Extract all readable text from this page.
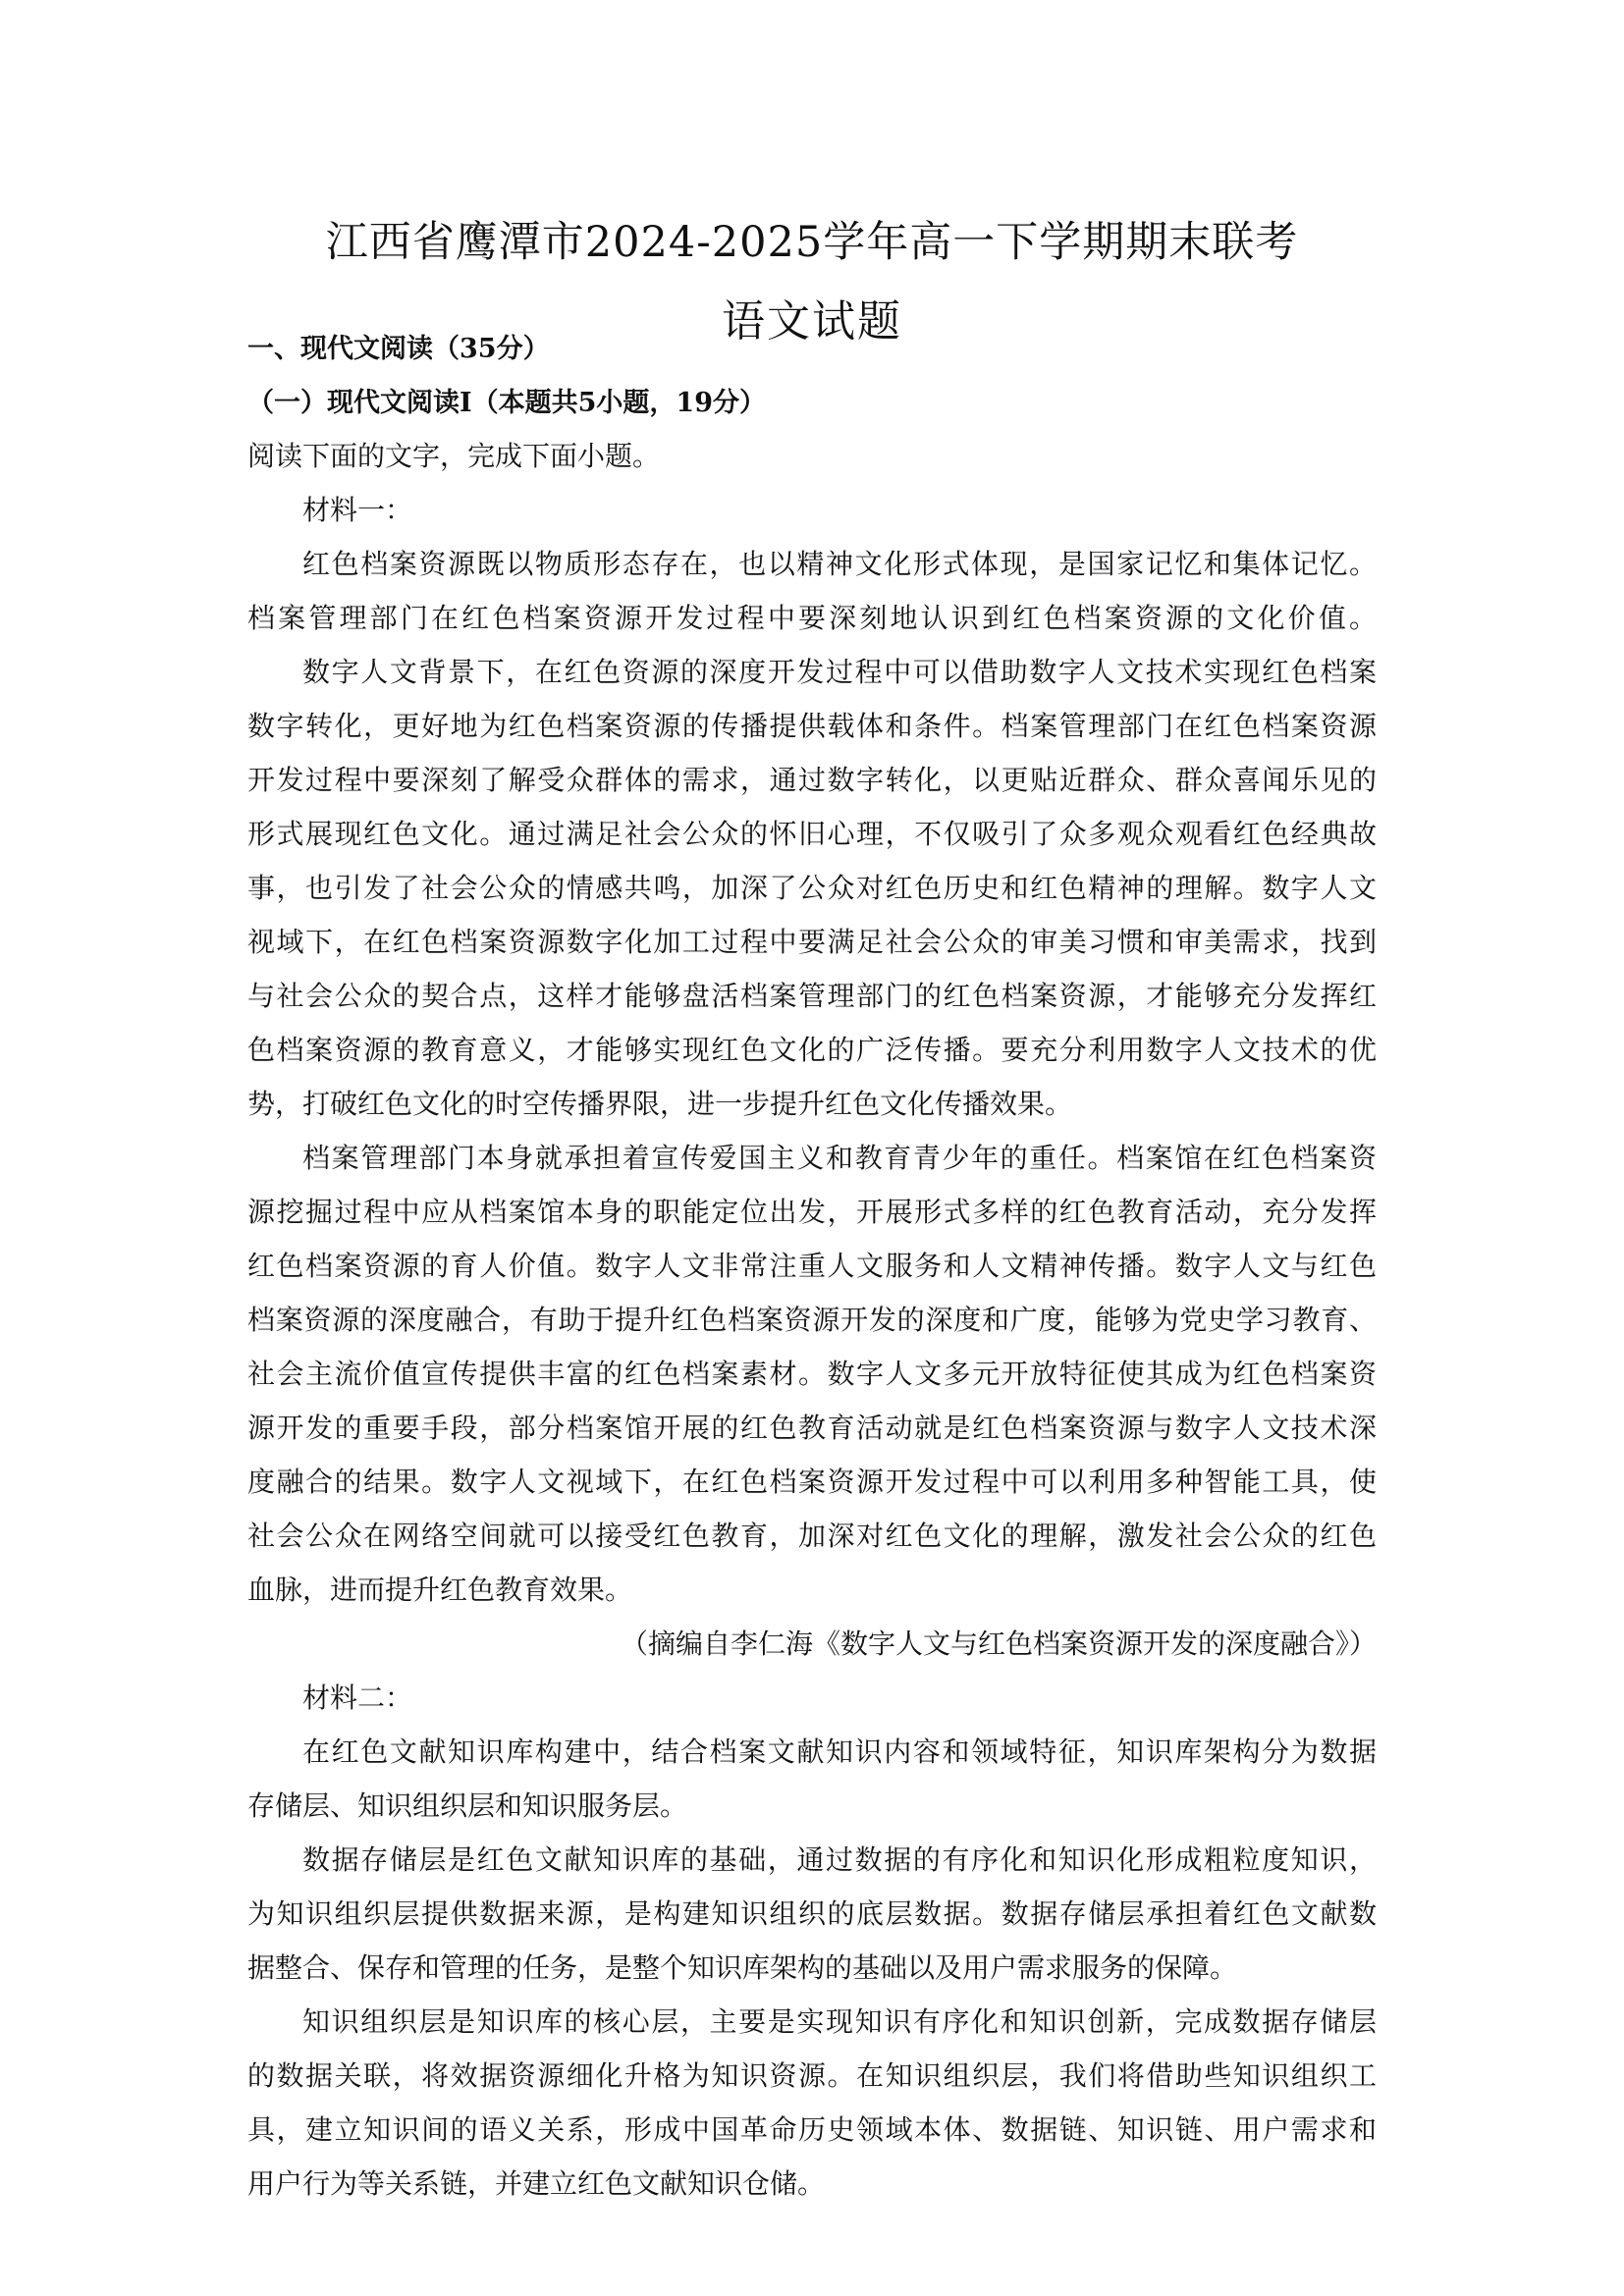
江西省鹰潭市2024-2025学年高一下学期期末联考
语文试题
一、现代文阅读（35分）
（一）现代文阅读Ⅰ（本题共5小题，19分）
阅读下面的文字，完成下面小题。
材料一：
红色档案资源既以物质形态存在，也以精神文化形式体现，是国家记忆和集体记忆。
档案管理部门在红色档案资源开发过程中要深刻地认识到红色档案资源的文化价值。
数字人文背景下，在红色资源的深度开发过程中可以借助数字人文技术实现红色档案
数字转化，更好地为红色档案资源的传播提供载体和条件。档案管理部门在红色档案资源
开发过程中要深刻了解受众群体的需求，通过数字转化，以更贴近群众、群众喜闻乐见的
形式展现红色文化。通过满足社会公众的怀旧心理，不仅吸引了众多观众观看红色经典故
事，也引发了社会公众的情感共鸣，加深了公众对红色历史和红色精神的理解。数字人文
视域下，在红色档案资源数字化加工过程中要满足社会公众的审美习惯和审美需求，找到
与社会公众的契合点，这样才能够盘活档案管理部门的红色档案资源，才能够充分发挥红
色档案资源的教育意义，才能够实现红色文化的广泛传播。要充分利用数字人文技术的优
势，打破红色文化的时空传播界限，进一步提升红色文化传播效果。
档案管理部门本身就承担着宣传爱国主义和教育青少年的重任。档案馆在红色档案资
源挖掘过程中应从档案馆本身的职能定位出发，开展形式多样的红色教育活动，充分发挥
红色档案资源的育人价值。数字人文非常注重人文服务和人文精神传播。数字人文与红色
档案资源的深度融合，有助于提升红色档案资源开发的深度和广度，能够为党史学习教育、
社会主流价值宣传提供丰富的红色档案素材。数字人文多元开放特征使其成为红色档案资
源开发的重要手段，部分档案馆开展的红色教育活动就是红色档案资源与数字人文技术深
度融合的结果。数字人文视域下，在红色档案资源开发过程中可以利用多种智能工具，使
社会公众在网络空间就可以接受红色教育，加深对红色文化的理解，激发社会公众的红色
血脉，进而提升红色教育效果。
（摘编自李仁海《数字人文与红色档案资源开发的深度融合》）
材料二：
在红色文献知识库构建中，结合档案文献知识内容和领域特征，知识库架构分为数据
存储层、知识组织层和知识服务层。
数据存储层是红色文献知识库的基础，通过数据的有序化和知识化形成粗粒度知识，
为知识组织层提供数据来源，是构建知识组织的底层数据。数据存储层承担着红色文献数
据整合、保存和管理的任务，是整个知识库架构的基础以及用户需求服务的保障。
知识组织层是知识库的核心层，主要是实现知识有序化和知识创新，完成数据存储层
的数据关联，将效据资源细化升格为知识资源。在知识组织层，我们将借助些知识组织工
具，建立知识间的语义关系，形成中国革命历史领域本体、数据链、知识链、用户需求和
用户行为等关系链，并建立红色文献知识仓储。
